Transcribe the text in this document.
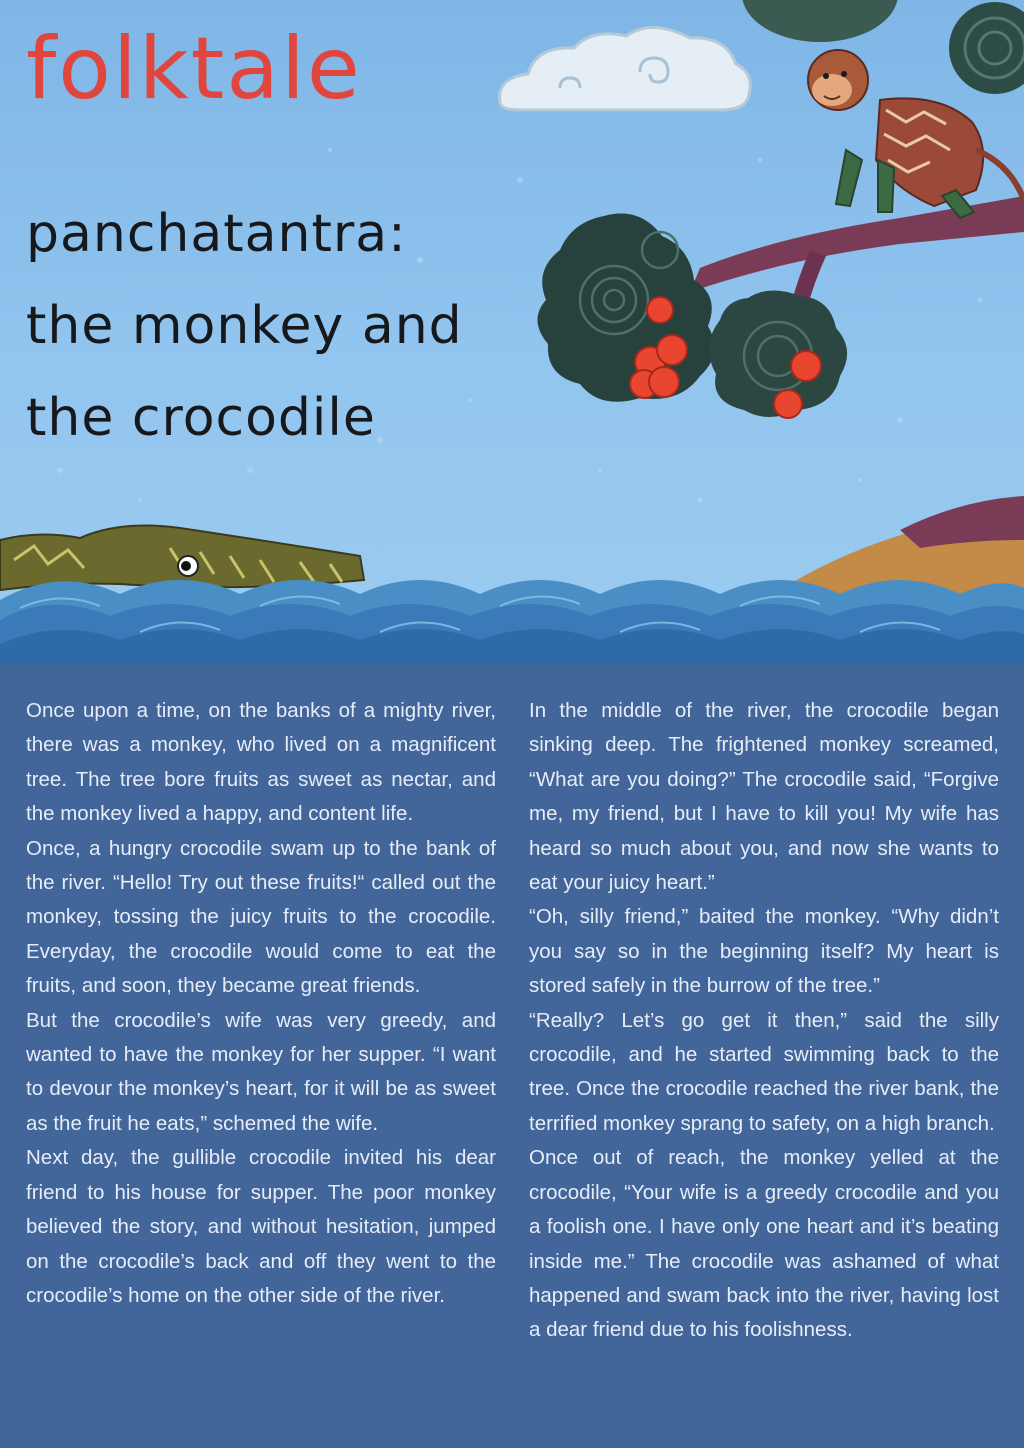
folktale
panchatantra:
the monkey and
the crocodile

Once upon a time, on the banks of a mighty river, there was a monkey, who lived on a magnificent tree. The tree bore fruits as sweet as nectar, and the monkey lived a happy, and content life.

Once, a hungry crocodile swam up to the bank of the river. “Hello! Try out these fruits!“ called out the monkey, tossing the juicy fruits to the crocodile. Everyday, the crocodile would come to eat the fruits, and soon, they became great friends.

But the crocodile’s wife was very greedy, and wanted to have the monkey for her supper. “I want to devour the monkey’s heart, for it will be as sweet as the fruit he eats,” schemed the wife.

Next day, the gullible crocodile invited his dear friend to his house for supper. The poor monkey believed the story, and without hesitation, jumped on the crocodile’s back and off they went to the crocodile’s home on the other side of the river.

In the middle of the river, the crocodile began sinking deep. The frightened monkey screamed, “What are you doing?” The crocodile said, “Forgive me, my friend, but I have to kill you! My wife has heard so much about you, and now she wants to eat your juicy heart.”

“Oh, silly friend,” baited the monkey. “Why didn’t you say so in the beginning itself? My heart is stored safely in the burrow of the tree.”

“Really? Let’s go get it then,” said the silly crocodile, and he started swimming back to the tree. Once the crocodile reached the river bank, the terrified monkey sprang to safety, on a high branch.

Once out of reach, the monkey yelled at the crocodile, “Your wife is a greedy crocodile and you a foolish one. I have only one heart and it’s beating inside me.” The crocodile was ashamed of what happened and swam back into the river, having lost a dear friend due to his foolishness.
